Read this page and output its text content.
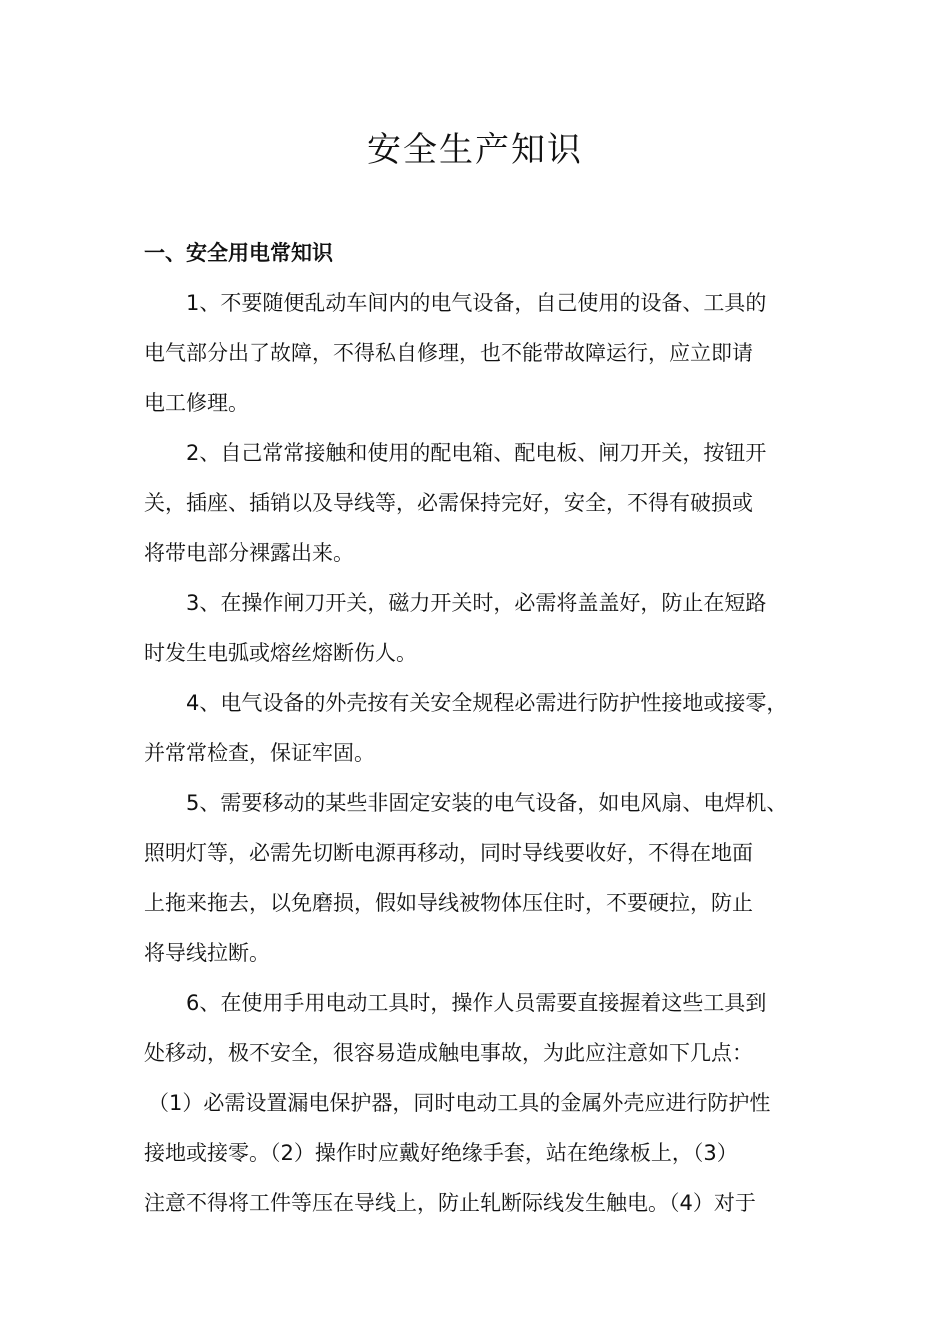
安全生产知识
一、安全用电常知识
1、不要随便乱动车间内的电气设备，自己使用的设备、工具的
电气部分出了故障，不得私自修理，也不能带故障运行，应立即请
电工修理。
2、自己常常接触和使用的配电箱、配电板、闸刀开关，按钮开
关，插座、插销以及导线等，必需保持完好，安全，不得有破损或
将带电部分裸露出来。
3、在操作闸刀开关，磁力开关时，必需将盖盖好，防止在短路
时发生电弧或熔丝熔断伤人。
4、电气设备的外壳按有关安全规程必需进行防护性接地或接零，
并常常检查，保证牢固。
5、需要移动的某些非固定安装的电气设备，如电风扇、电焊机、
照明灯等，必需先切断电源再移动，同时导线要收好，不得在地面
上拖来拖去，以免磨损，假如导线被物体压住时，不要硬拉，防止
将导线拉断。
6、在使用手用电动工具时，操作人员需要直接握着这些工具到
处移动，极不安全，很容易造成触电事故，为此应注意如下几点：
（1）必需设置漏电保护器，同时电动工具的金属外壳应进行防护性
接地或接零。（2）操作时应戴好绝缘手套，站在绝缘板上，（3）
注意不得将工件等压在导线上，防止轧断际线发生触电。（4）对于
